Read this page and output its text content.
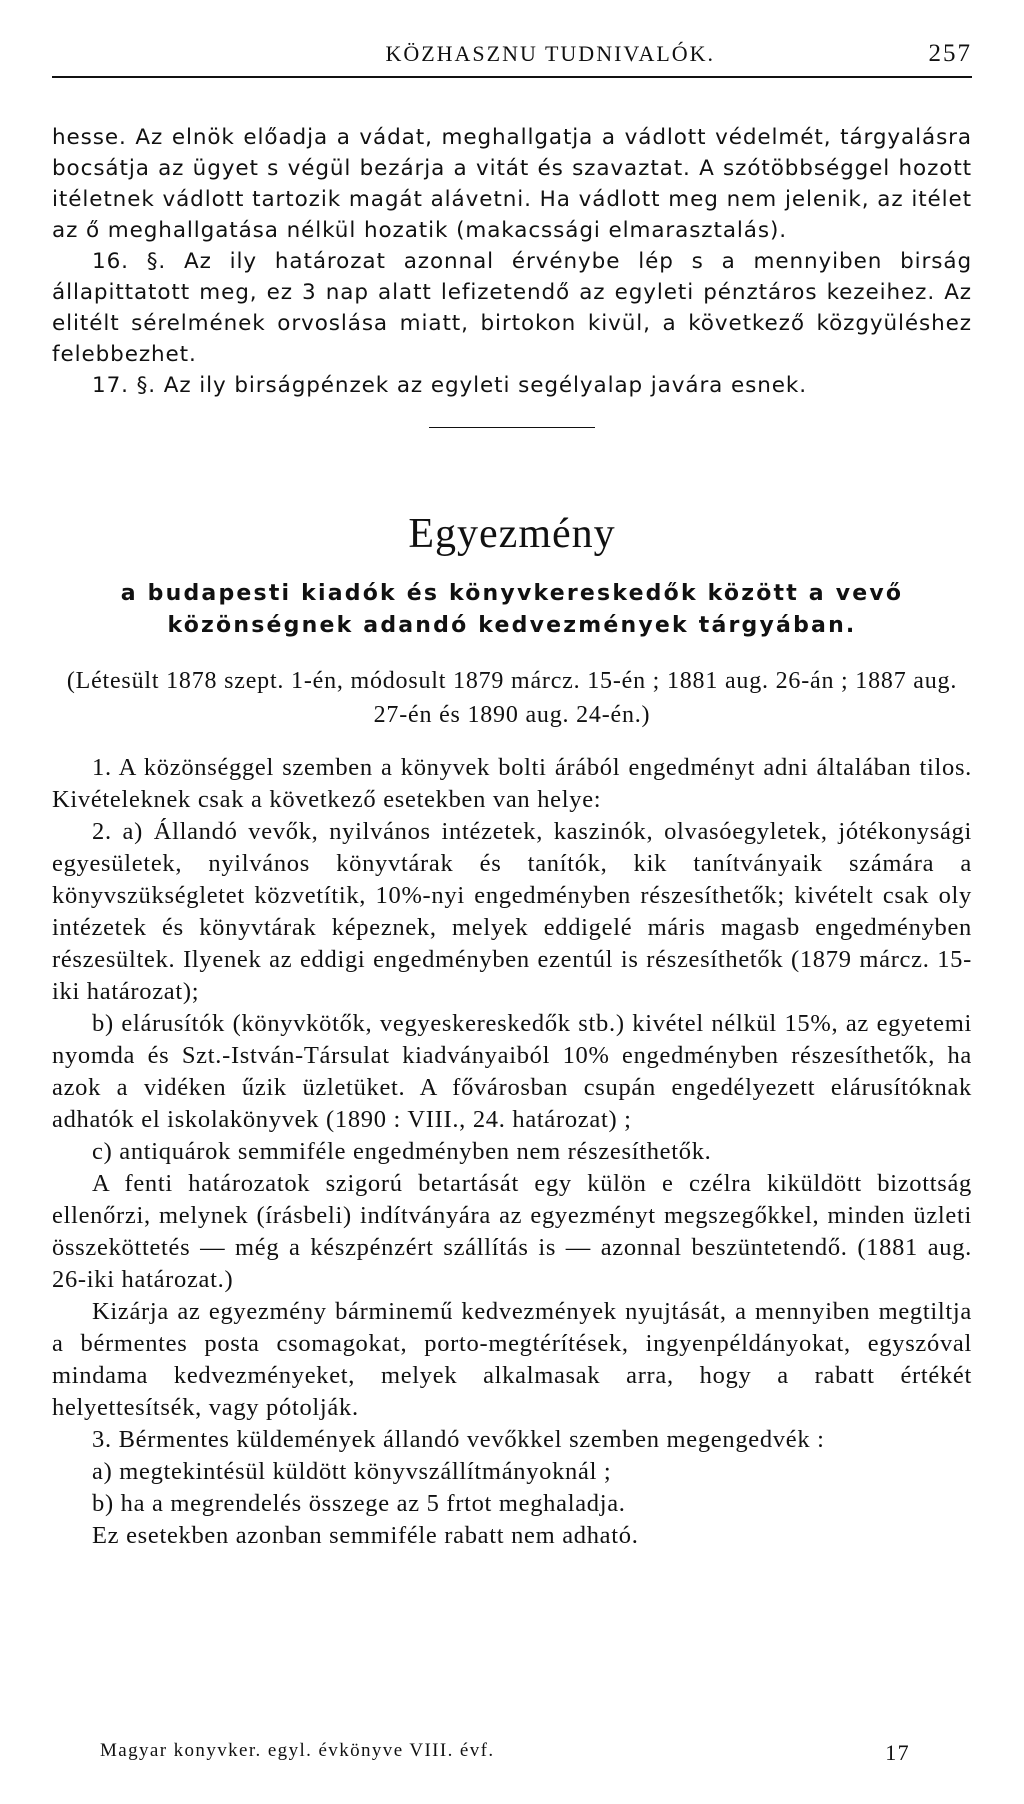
KÖZHASZNU TUDNIVALÓK.	257

hesse. Az elnök előadja a vádat, meghallgatja a vádlott védelmét, tárgyalásra bocsátja az ügyet s végül bezárja a vitát és szavaztat. A szótöbbséggel hozott itéletnek vádlott tartozik magát alávetni. Ha vádlott meg nem jelenik, az itélet az ő meghallgatása nélkül hozatik (makacssági elmarasztalás).

16. §. Az ily határozat azonnal érvénybe lép s a mennyiben birság állapittatott meg, ez 3 nap alatt lefizetendő az egyleti pénztáros kezeihez. Az elitélt sérelmének orvoslása miatt, birtokon kivül, a következő közgyüléshez felebbezhet.

17. §. Az ily birságpénzek az egyleti segélyalap javára esnek.

Egyezmény
a budapesti kiadók és könyvkereskedők között a vevő közönségnek adandó kedvezmények tárgyában.
(Létesült 1878 szept. 1-én, módosult 1879 márcz. 15-én ; 1881 aug. 26-án ; 1887 aug. 27-én és 1890 aug. 24-én.)

1. A közönséggel szemben a könyvek bolti árából engedményt adni általában tilos. Kivételeknek csak a következő esetekben van helye:

2. a) Állandó vevők, nyilvános intézetek, kaszinók, olvasóegyletek, jótékonysági egyesületek, nyilvános könyvtárak és tanítók, kik tanítványaik számára a könyvszükségletet közvetítik, 10%-nyi engedményben részesíthetők; kivételt csak oly intézetek és könyvtárak képeznek, melyek eddigelé máris magasb engedményben részesültek. Ilyenek az eddigi engedményben ezentúl is részesíthetők (1879 márcz. 15-iki határozat);

b) elárusítók (könyvkötők, vegyeskereskedők stb.) kivétel nélkül 15%, az egyetemi nyomda és Szt.-István-Társulat kiadványaiból 10% engedményben részesíthetők, ha azok a vidéken űzik üzletüket. A fővárosban csupán engedélyezett elárusítóknak adhatók el iskolakönyvek (1890 : VIII., 24. határozat) ;

c) antiquárok semmiféle engedményben nem részesíthetők.

A fenti határozatok szigorú betartását egy külön e czélra kiküldött bizottság ellenőrzi, melynek (írásbeli) indítványára az egyezményt megszegőkkel, minden üzleti összeköttetés — még a készpénzért szállítás is — azonnal beszüntetendő. (1881 aug. 26-iki határozat.)

Kizárja az egyezmény bárminemű kedvezmények nyujtását, a mennyiben megtiltja a bérmentes posta csomagokat, porto-megtérítések, ingyenpéldányokat, egyszóval mindama kedvezményeket, melyek alkalmasak arra, hogy a rabatt értékét helyettesítsék, vagy pótolják.

3. Bérmentes küldemények állandó vevőkkel szemben megengedvék :

a) megtekintésül küldött könyvszállítmányoknál ;

b) ha a megrendelés összege az 5 frtot meghaladja.

Ez esetekben azonban semmiféle rabatt nem adható.

Magyar konyvker. egyl. évkönyve VIII. évf.	17
